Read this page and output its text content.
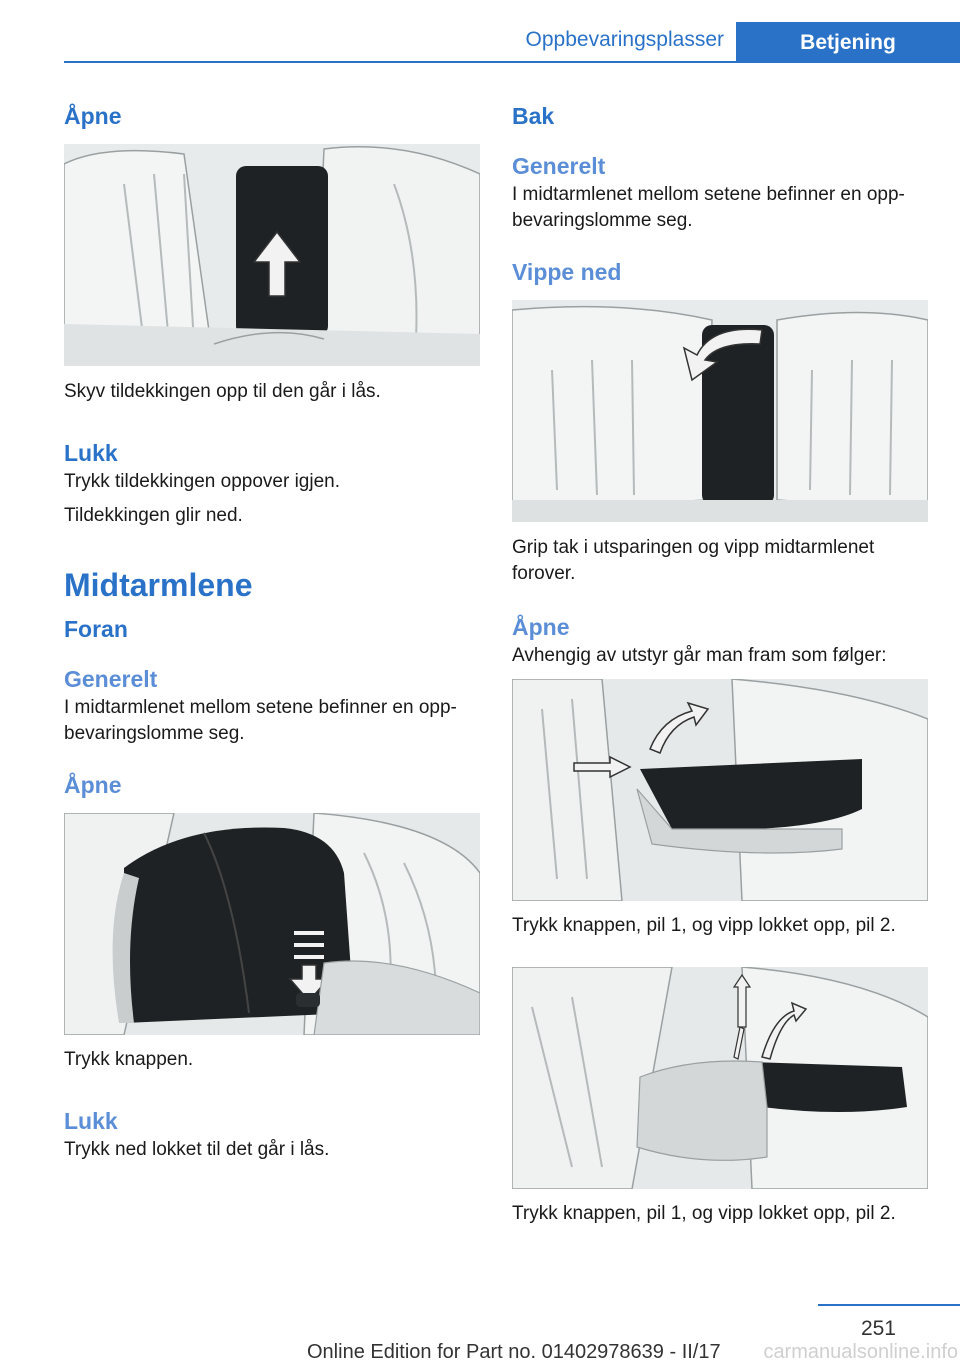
Oppbevaringsplasser	Betjening
Åpne

Skyv tildekkingen opp til den går i lås.

Lukk

Trykk tildekkingen oppover igjen.

Tildekkingen glir ned.

Midtarmlene
Foran
Generelt

I midtarmlenet mellom setene befinner en opp-bevaringslomme seg.

Åpne

Trykk knappen.

Lukk

Trykk ned lokket til det går i lås.

Bak
Generelt

I midtarmlenet mellom setene befinner en opp-bevaringslomme seg.

Vippe ned

Grip tak i utsparingen og vipp midtarmlenet forover.

Åpne

Avhengig av utstyr går man fram som følger:

Trykk knappen, pil 1, og vipp lokket opp, pil 2.

Trykk knappen, pil 1, og vipp lokket opp, pil 2.

251
Online Edition for Part no. 01402978639 - II/17 carmanualsonline.info
